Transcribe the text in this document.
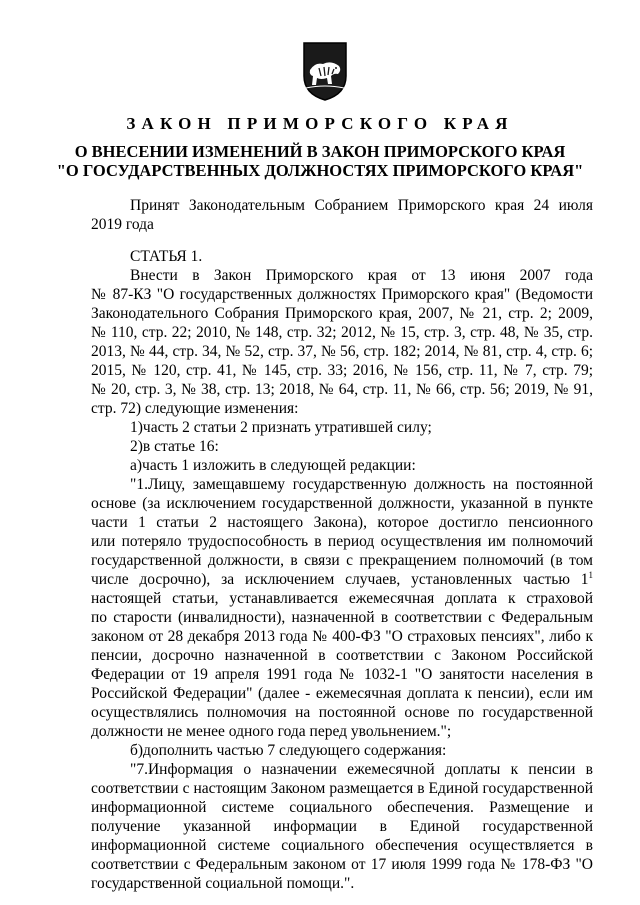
ЗАКОН ПРИМОРСКОГО КРАЯ
О ВНЕСЕНИИ ИЗМЕНЕНИЙ В ЗАКОН ПРИМОРСКОГО КРАЯ
"О ГОСУДАРСТВЕННЫХ ДОЛЖНОСТЯХ ПРИМОРСКОГО КРАЯ"
Принят Законодательным Собранием Приморского края 24 июля
2019 года
СТАТЬЯ 1.
Внести в Закон Приморского края от 13 июня 2007 года
№ 87-КЗ "О государственных должностях Приморского края" (Ведомости
Законодательного Собрания Приморского края, 2007, № 21, стр. 2; 2009,
№ 110, стр. 22; 2010, № 148, стр. 32; 2012, № 15, стр. 3, стр. 48, № 35, стр.
2013, № 44, стр. 34, № 52, стр. 37, № 56, стр. 182; 2014, № 81, стр. 4, стр. 6;
2015, № 120, стр. 41, № 145, стр. 33; 2016, № 156, стр. 11, № 7, стр. 79;
№ 20, стр. 3, № 38, стр. 13; 2018, № 64, стр. 11, № 66, стр. 56; 2019, № 91,
стр. 72) следующие изменения:
1)часть 2 статьи 2 признать утратившей силу;
2)в статье 16:
а)часть 1 изложить в следующей редакции:
"1.Лицу, замещавшему государственную должность на постоянной
основе (за исключением государственной должности, указанной в пункте
части 1 статьи 2 настоящего Закона), которое достигло пенсионного
или потеряло трудоспособность в период осуществления им полномочий
государственной должности, в связи с прекращением полномочий (в том
числе досрочно), за исключением случаев, установленных частью $1^1$
настоящей статьи, устанавливается ежемесячная доплата к страховой
по старости (инвалидности), назначенной в соответствии с Федеральным
законом от 28 декабря 2013 года № 400-ФЗ "О страховых пенсиях", либо к
пенсии, досрочно назначенной в соответствии с Законом Российской
Федерации от 19 апреля 1991 года № 1032-1 "О занятости населения в
Российской Федерации" (далее - ежемесячная доплата к пенсии), если им
осуществлялись полномочия на постоянной основе по государственной
должности не менее одного года перед увольнением.";
б)дополнить частью 7 следующего содержания:
"7.Информация о назначении ежемесячной доплаты к пенсии в
соответствии с настоящим Законом размещается в Единой государственной
информационной системе социального обеспечения. Размещение и
получение указанной информации в Единой государственной
информационной системе социального обеспечения осуществляется в
соответствии с Федеральным законом от 17 июля 1999 года № 178-ФЗ "О
государственной социальной помощи.".
